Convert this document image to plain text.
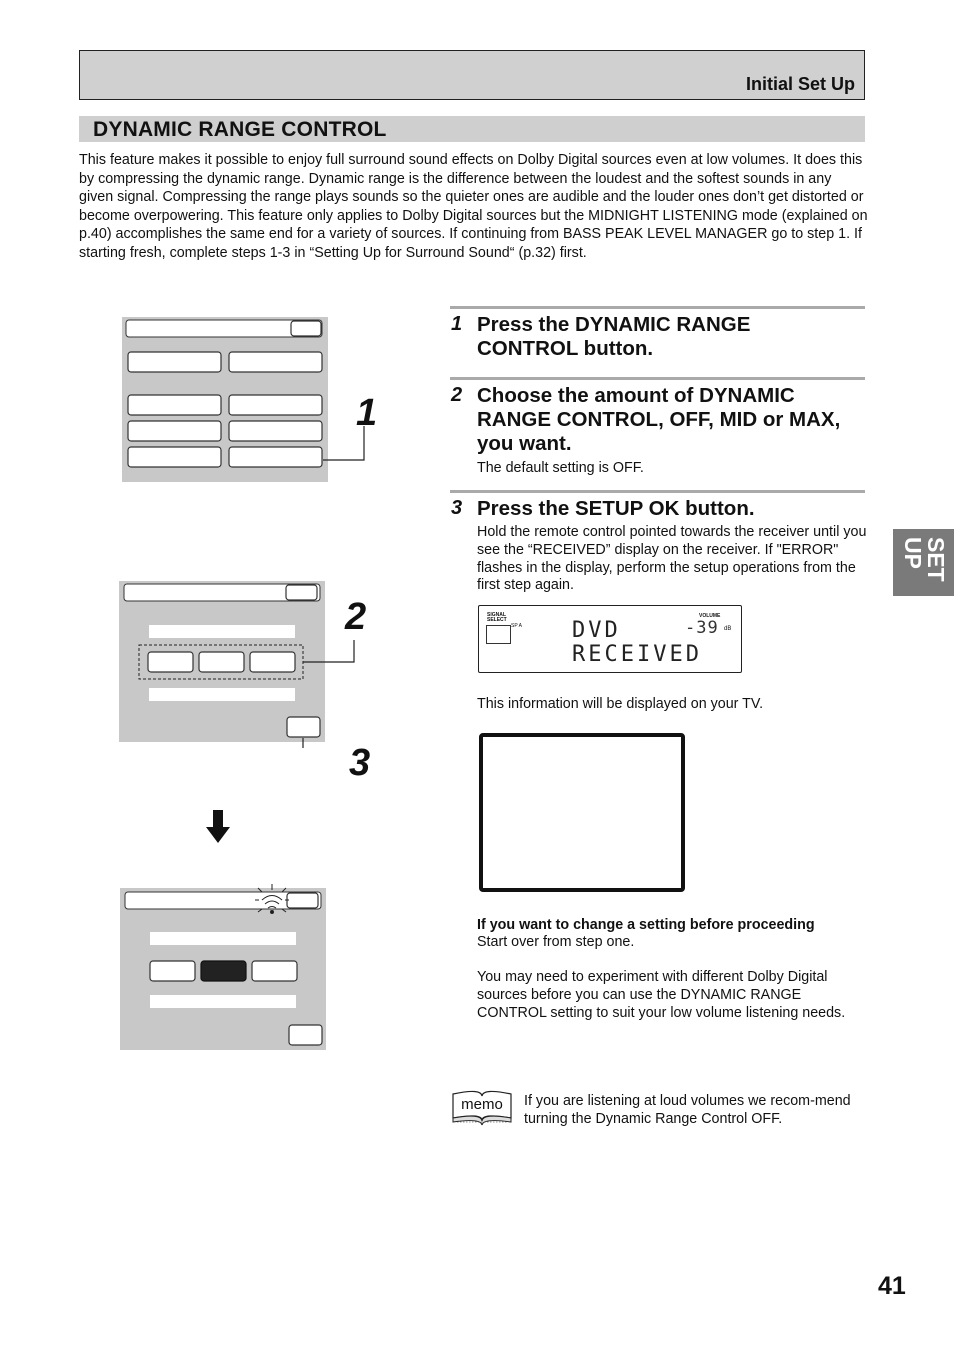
Initial Set Up
DYNAMIC RANGE CONTROL
This feature makes it possible to enjoy full surround sound effects on Dolby Digital sources even at low volumes. It does this by compressing the dynamic range. Dynamic range is the difference between the loudest and the softest sounds in any given signal. Compressing the range plays sounds so the quieter ones are audible and the louder ones don’t get distorted or become overpowering. This feature only applies to Dolby Digital sources but the MIDNIGHT LISTENING mode (explained on p.40) accomplishes the same end for a variety of sources. If continuing from BASS PEAK LEVEL MANAGER go to step 1. If starting fresh, complete steps 1-3 in “Setting Up for Surround Sound“ (p.32) first.
1
2
3
1 Press the DYNAMIC RANGE CONTROL button.
2 Choose the amount of DYNAMIC RANGE CONTROL, OFF, MID or MAX, you want.
The default setting is OFF.
3 Press the SETUP OK button.
Hold the remote control pointed towards the receiver until you see the “RECEIVED” display on the receiver. If "ERROR" flashes in the display, perform the setup operations from the first step again.
SIGNAL SELECT
SP A
VOLUME
-39 dB
DVD
RECEIVED
This information will be displayed on your TV.
If you want to change a setting before proceeding
Start over from step one.
You may need to experiment with different Dolby Digital sources before you can use the DYNAMIC RANGE CONTROL setting to suit your low volume listening needs.
memo	If you are listening at loud volumes we recom-mend turning the Dynamic Range Control OFF.
SET UP
41
